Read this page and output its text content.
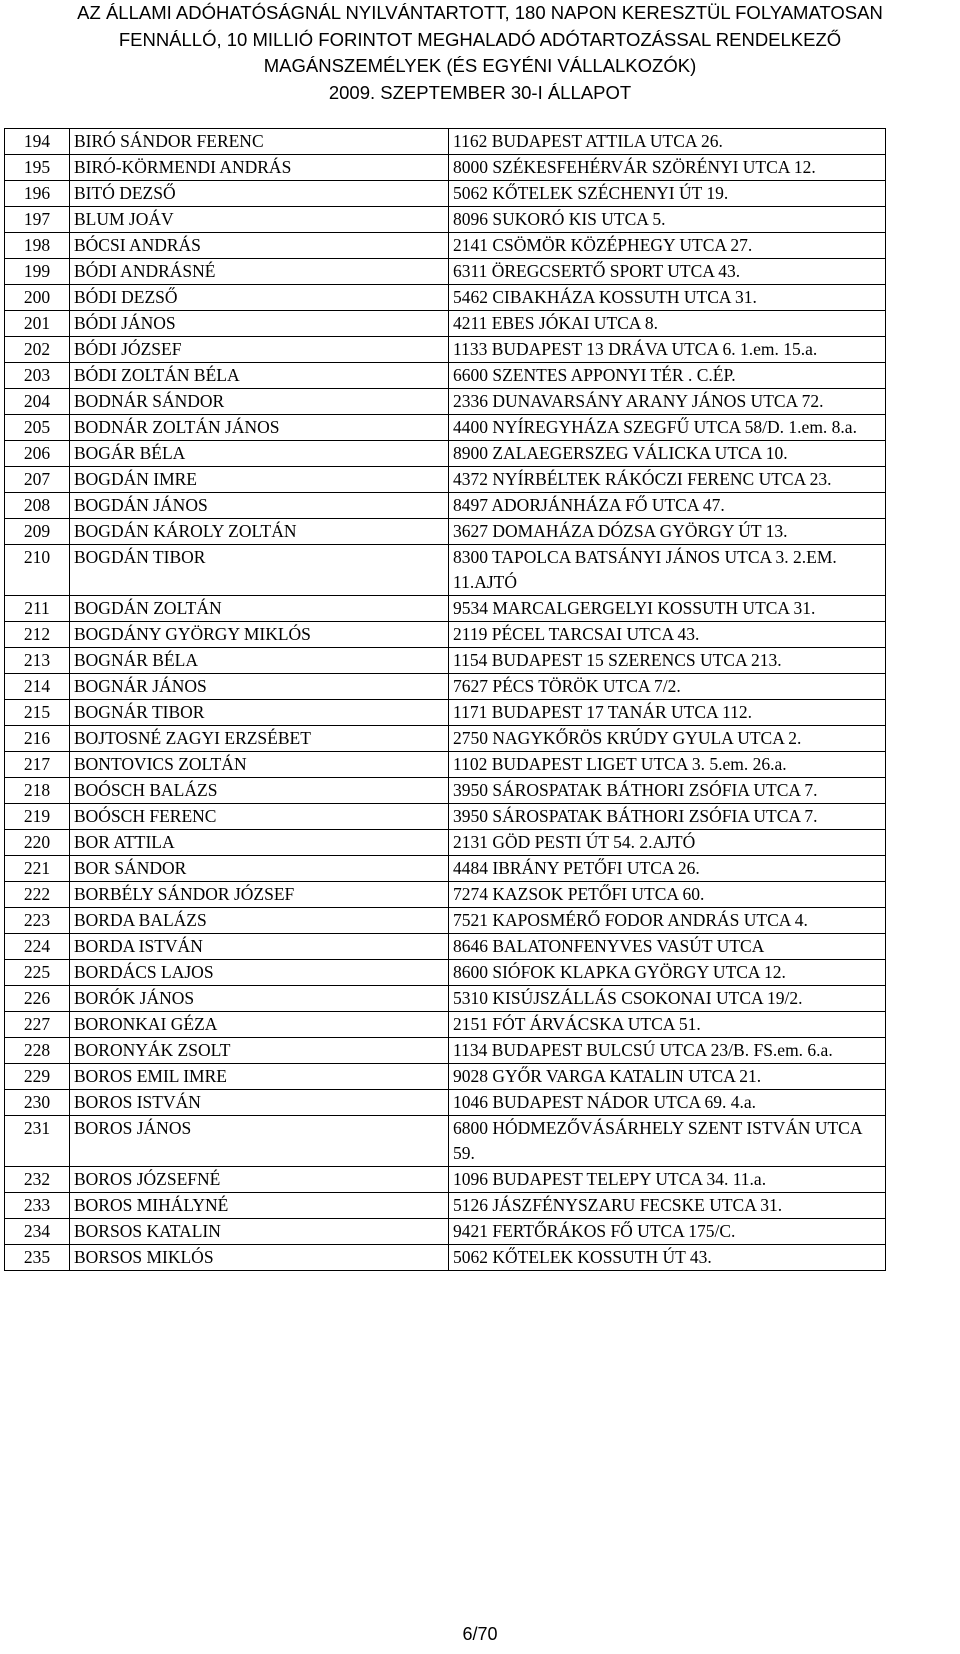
AZ ÁLLAMI ADÓHATÓSÁGNÁL NYILVÁNTARTOTT, 180 NAPON KERESZTÜL FOLYAMATOSAN
FENNÁLLÓ, 10 MILLIÓ FORINTOT MEGHALADÓ ADÓTARTOZÁSSAL RENDELKEZŐ
MAGÁNSZEMÉLYEK (ÉS EGYÉNI VÁLLALKOZÓK)
2009. SZEPTEMBER 30-I ÁLLAPOT
194	BIRÓ SÁNDOR FERENC	1162 BUDAPEST ATTILA UTCA 26.
195	BIRÓ-KÖRMENDI ANDRÁS	8000 SZÉKESFEHÉRVÁR SZÖRÉNYI UTCA 12.
196	BITÓ DEZSŐ	5062 KŐTELEK SZÉCHENYI ÚT 19.
197	BLUM JOÁV	8096 SUKORÓ KIS UTCA 5.
198	BÓCSI ANDRÁS	2141 CSÖMÖR KÖZÉPHEGY UTCA 27.
199	BÓDI ANDRÁSNÉ	6311 ÖREGCSERTŐ SPORT UTCA 43.
200	BÓDI DEZSŐ	5462 CIBAKHÁZA KOSSUTH UTCA 31.
201	BÓDI JÁNOS	4211 EBES JÓKAI UTCA 8.
202	BÓDI JÓZSEF	1133 BUDAPEST 13 DRÁVA UTCA 6. 1.em. 15.a.
203	BÓDI ZOLTÁN BÉLA	6600 SZENTES APPONYI TÉR . C.ÉP.
204	BODNÁR SÁNDOR	2336 DUNAVARSÁNY ARANY JÁNOS UTCA 72.
205	BODNÁR ZOLTÁN JÁNOS	4400 NYÍREGYHÁZA SZEGFŰ UTCA 58/D. 1.em. 8.a.
206	BOGÁR BÉLA	8900 ZALAEGERSZEG VÁLICKA UTCA 10.
207	BOGDÁN IMRE	4372 NYÍRBÉLTEK RÁKÓCZI FERENC UTCA 23.
208	BOGDÁN JÁNOS	8497 ADORJÁNHÁZA FŐ UTCA 47.
209	BOGDÁN KÁROLY ZOLTÁN	3627 DOMAHÁZA DÓZSA GYÖRGY ÚT 13.
210	BOGDÁN TIBOR	8300 TAPOLCA BATSÁNYI JÁNOS UTCA 3. 2.EM. 11.AJTÓ
211	BOGDÁN ZOLTÁN	9534 MARCALGERGELYI KOSSUTH UTCA 31.
212	BOGDÁNY GYÖRGY MIKLÓS	2119 PÉCEL TARCSAI UTCA 43.
213	BOGNÁR BÉLA	1154 BUDAPEST 15 SZERENCS UTCA 213.
214	BOGNÁR JÁNOS	7627 PÉCS TÖRÖK UTCA 7/2.
215	BOGNÁR TIBOR	1171 BUDAPEST 17 TANÁR UTCA 112.
216	BOJTOSNÉ ZAGYI ERZSÉBET	2750 NAGYKŐRÖS KRÚDY GYULA UTCA 2.
217	BONTOVICS ZOLTÁN	1102 BUDAPEST LIGET UTCA 3. 5.em. 26.a.
218	BOÓSCH BALÁZS	3950 SÁROSPATAK BÁTHORI ZSÓFIA UTCA 7.
219	BOÓSCH FERENC	3950 SÁROSPATAK BÁTHORI ZSÓFIA UTCA 7.
220	BOR ATTILA	2131 GÖD PESTI ÚT 54. 2.AJTÓ
221	BOR SÁNDOR	4484 IBRÁNY PETŐFI UTCA 26.
222	BORBÉLY SÁNDOR JÓZSEF	7274 KAZSOK PETŐFI UTCA 60.
223	BORDA BALÁZS	7521 KAPOSMÉRŐ FODOR ANDRÁS UTCA 4.
224	BORDA ISTVÁN	8646 BALATONFENYVES VASÚT UTCA
225	BORDÁCS LAJOS	8600 SIÓFOK KLAPKA GYÖRGY UTCA 12.
226	BORÓK JÁNOS	5310 KISÚJSZÁLLÁS CSOKONAI UTCA 19/2.
227	BORONKAI GÉZA	2151 FÓT ÁRVÁCSKA UTCA 51.
228	BORONYÁK ZSOLT	1134 BUDAPEST BULCSÚ UTCA 23/B. FS.em. 6.a.
229	BOROS EMIL IMRE	9028 GYŐR VARGA KATALIN UTCA 21.
230	BOROS ISTVÁN	1046 BUDAPEST NÁDOR UTCA 69. 4.a.
231	BOROS JÁNOS	6800 HÓDMEZŐVÁSÁRHELY SZENT ISTVÁN UTCA 59.
232	BOROS JÓZSEFNÉ	1096 BUDAPEST TELEPY UTCA 34. 11.a.
233	BOROS MIHÁLYNÉ	5126 JÁSZFÉNYSZARU FECSKE UTCA 31.
234	BORSOS KATALIN	9421 FERTŐRÁKOS FŐ UTCA 175/C.
235	BORSOS MIKLÓS	5062 KŐTELEK KOSSUTH ÚT 43.
6/70
